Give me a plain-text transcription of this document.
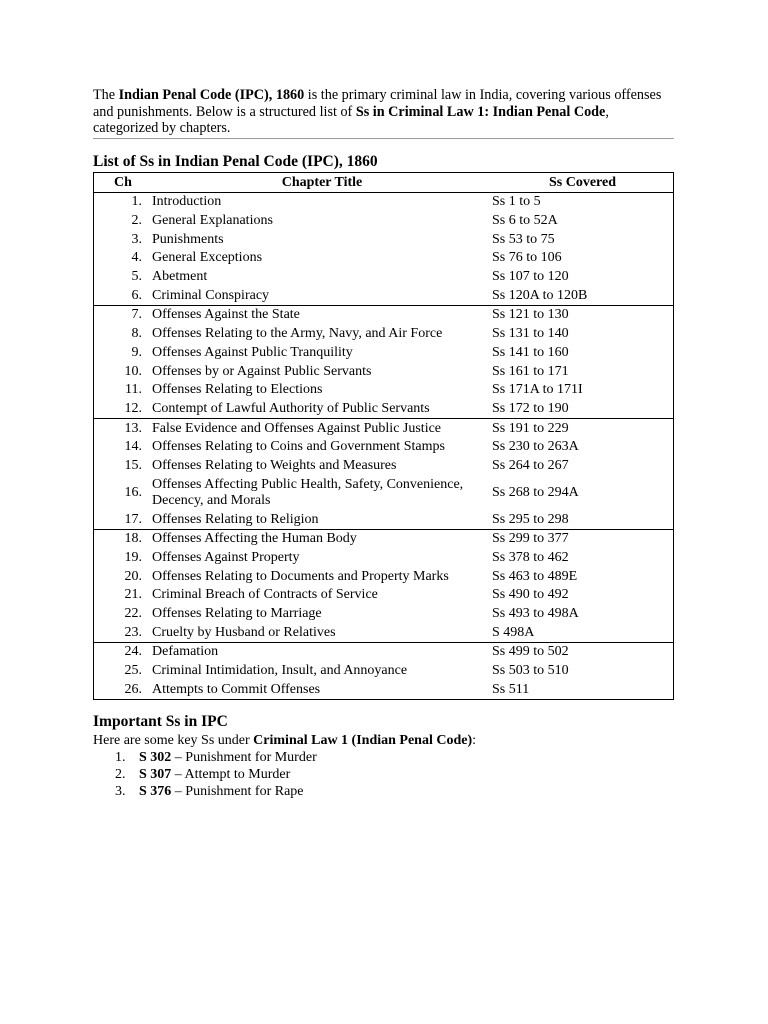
The Indian Penal Code (IPC), 1860 is the primary criminal law in India, covering various offenses and punishments. Below is a structured list of Ss in Criminal Law 1: Indian Penal Code, categorized by chapters.
List of Ss in Indian Penal Code (IPC), 1860
Ch	Chapter Title	Ss Covered
1.	Introduction	Ss 1 to 5
2.	General Explanations	Ss 6 to 52A
3.	Punishments	Ss 53 to 75
4.	General Exceptions	Ss 76 to 106
5.	Abetment	Ss 107 to 120
6.	Criminal Conspiracy	Ss 120A to 120B
7.	Offenses Against the State	Ss 121 to 130
8.	Offenses Relating to the Army, Navy, and Air Force	Ss 131 to 140
9.	Offenses Against Public Tranquility	Ss 141 to 160
10.	Offenses by or Against Public Servants	Ss 161 to 171
11.	Offenses Relating to Elections	Ss 171A to 171I
12.	Contempt of Lawful Authority of Public Servants	Ss 172 to 190
13.	False Evidence and Offenses Against Public Justice	Ss 191 to 229
14.	Offenses Relating to Coins and Government Stamps	Ss 230 to 263A
15.	Offenses Relating to Weights and Measures	Ss 264 to 267
16.	Offenses Affecting Public Health, Safety, Convenience, Decency, and Morals	Ss 268 to 294A
17.	Offenses Relating to Religion	Ss 295 to 298
18.	Offenses Affecting the Human Body	Ss 299 to 377
19.	Offenses Against Property	Ss 378 to 462
20.	Offenses Relating to Documents and Property Marks	Ss 463 to 489E
21.	Criminal Breach of Contracts of Service	Ss 490 to 492
22.	Offenses Relating to Marriage	Ss 493 to 498A
23.	Cruelty by Husband or Relatives	S 498A
24.	Defamation	Ss 499 to 502
25.	Criminal Intimidation, Insult, and Annoyance	Ss 503 to 510
26.	Attempts to Commit Offenses	Ss 511
Important Ss in IPC
Here are some key Ss under Criminal Law 1 (Indian Penal Code):
1. S 302 – Punishment for Murder
2. S 307 – Attempt to Murder
3. S 376 – Punishment for Rape
